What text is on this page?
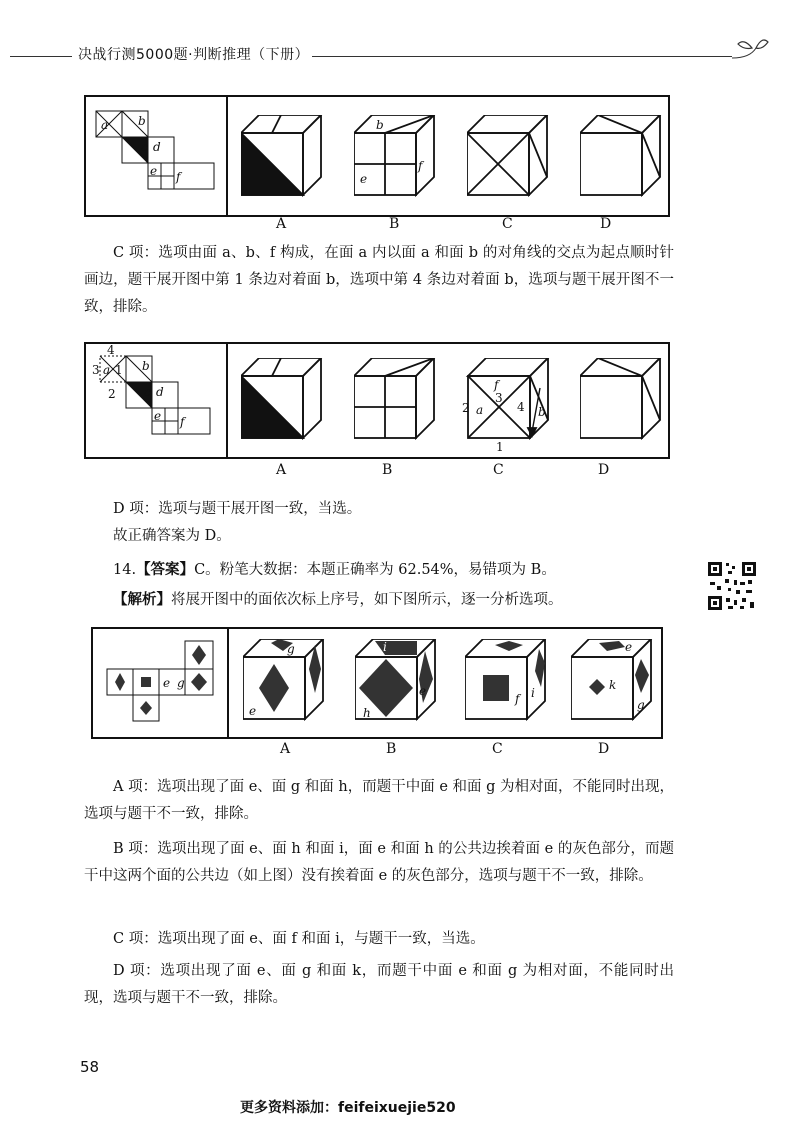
决战行测5000题·判断推理（下册）
a b
c d
e f
b
e
f
A	B	C	D
C 项：选项由面 a、b、f 构成，在面 a 内以面 a 和面 b 的对角线的交点为起点顺时针画边，题干展开图中第 1 条边对着面 b，选项中第 4 条边对着面 b，选项与题干展开图不一致，排除。
4
3 1
2
a	b
c d
e f
f
a	b
3
2	4
1
A	B	C	D
D 项：选项与题干展开图一致，当选。
故正确答案为 D。
14.【答案】C。粉笔大数据：本题正确率为 62.54%，易错项为 B。
【解析】将展开图中的面依次标上序号，如下图所示，逐一分析选项。
e g
g
e
i
h
e
f i
e
k
g
A	B	C	D
A 项：选项出现了面 e、面 g 和面 h，而题干中面 e 和面 g 为相对面，不能同时出现，选项与题干不一致，排除。
B 项：选项出现了面 e、面 h 和面 i，面 e 和面 h 的公共边挨着面 e 的灰色部分，而题干中这两个面的公共边（如上图）没有挨着面 e 的灰色部分，选项与题干不一致，排除。
C 项：选项出现了面 e、面 f 和面 i，与题干一致，当选。
D 项：选项出现了面 e、面 g 和面 k，而题干中面 e 和面 g 为相对面，不能同时出现，选项与题干不一致，排除。
58
更多资料添加：feifeixuejie520
